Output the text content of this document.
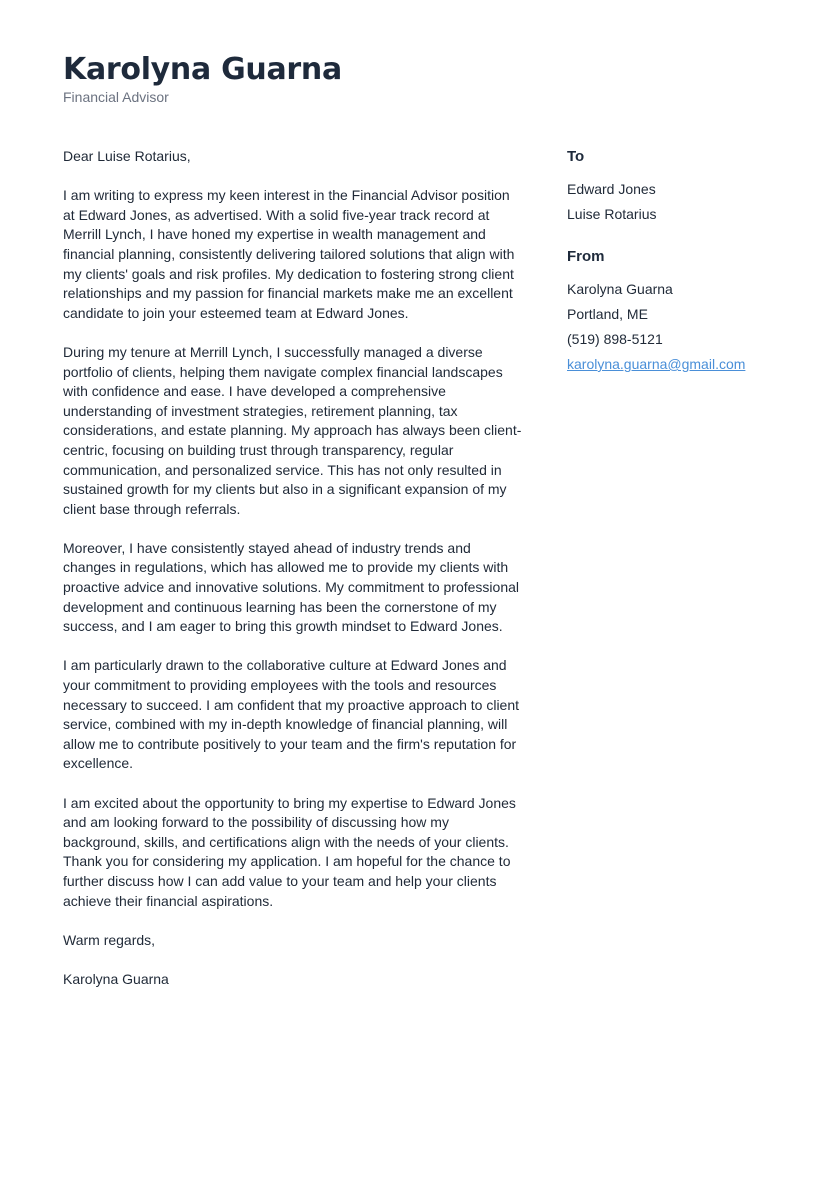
Karolyna Guarna
Financial Advisor

Dear Luise Rotarius,

I am writing to express my keen interest in the Financial Advisor position at Edward Jones, as advertised. With a solid five-year track record at Merrill Lynch, I have honed my expertise in wealth management and financial planning, consistently delivering tailored solutions that align with my clients' goals and risk profiles. My dedication to fostering strong client relationships and my passion for financial markets make me an excellent candidate to join your esteemed team at Edward Jones.

During my tenure at Merrill Lynch, I successfully managed a diverse portfolio of clients, helping them navigate complex financial landscapes with confidence and ease. I have developed a comprehensive understanding of investment strategies, retirement planning, tax considerations, and estate planning. My approach has always been client-centric, focusing on building trust through transparency, regular communication, and personalized service. This has not only resulted in sustained growth for my clients but also in a significant expansion of my client base through referrals.

Moreover, I have consistently stayed ahead of industry trends and changes in regulations, which has allowed me to provide my clients with proactive advice and innovative solutions. My commitment to professional development and continuous learning has been the cornerstone of my success, and I am eager to bring this growth mindset to Edward Jones.

I am particularly drawn to the collaborative culture at Edward Jones and your commitment to providing employees with the tools and resources necessary to succeed. I am confident that my proactive approach to client service, combined with my in-depth knowledge of financial planning, will allow me to contribute positively to your team and the firm's reputation for excellence.

I am excited about the opportunity to bring my expertise to Edward Jones and am looking forward to the possibility of discussing how my background, skills, and certifications align with the needs of your clients. Thank you for considering my application. I am hopeful for the chance to further discuss how I can add value to your team and help your clients achieve their financial aspirations.

Warm regards,

Karolyna Guarna

To
Edward Jones
Luise Rotarius
From
Karolyna Guarna
Portland, ME
(519) 898-5121
karolyna.guarna@gmail.com
